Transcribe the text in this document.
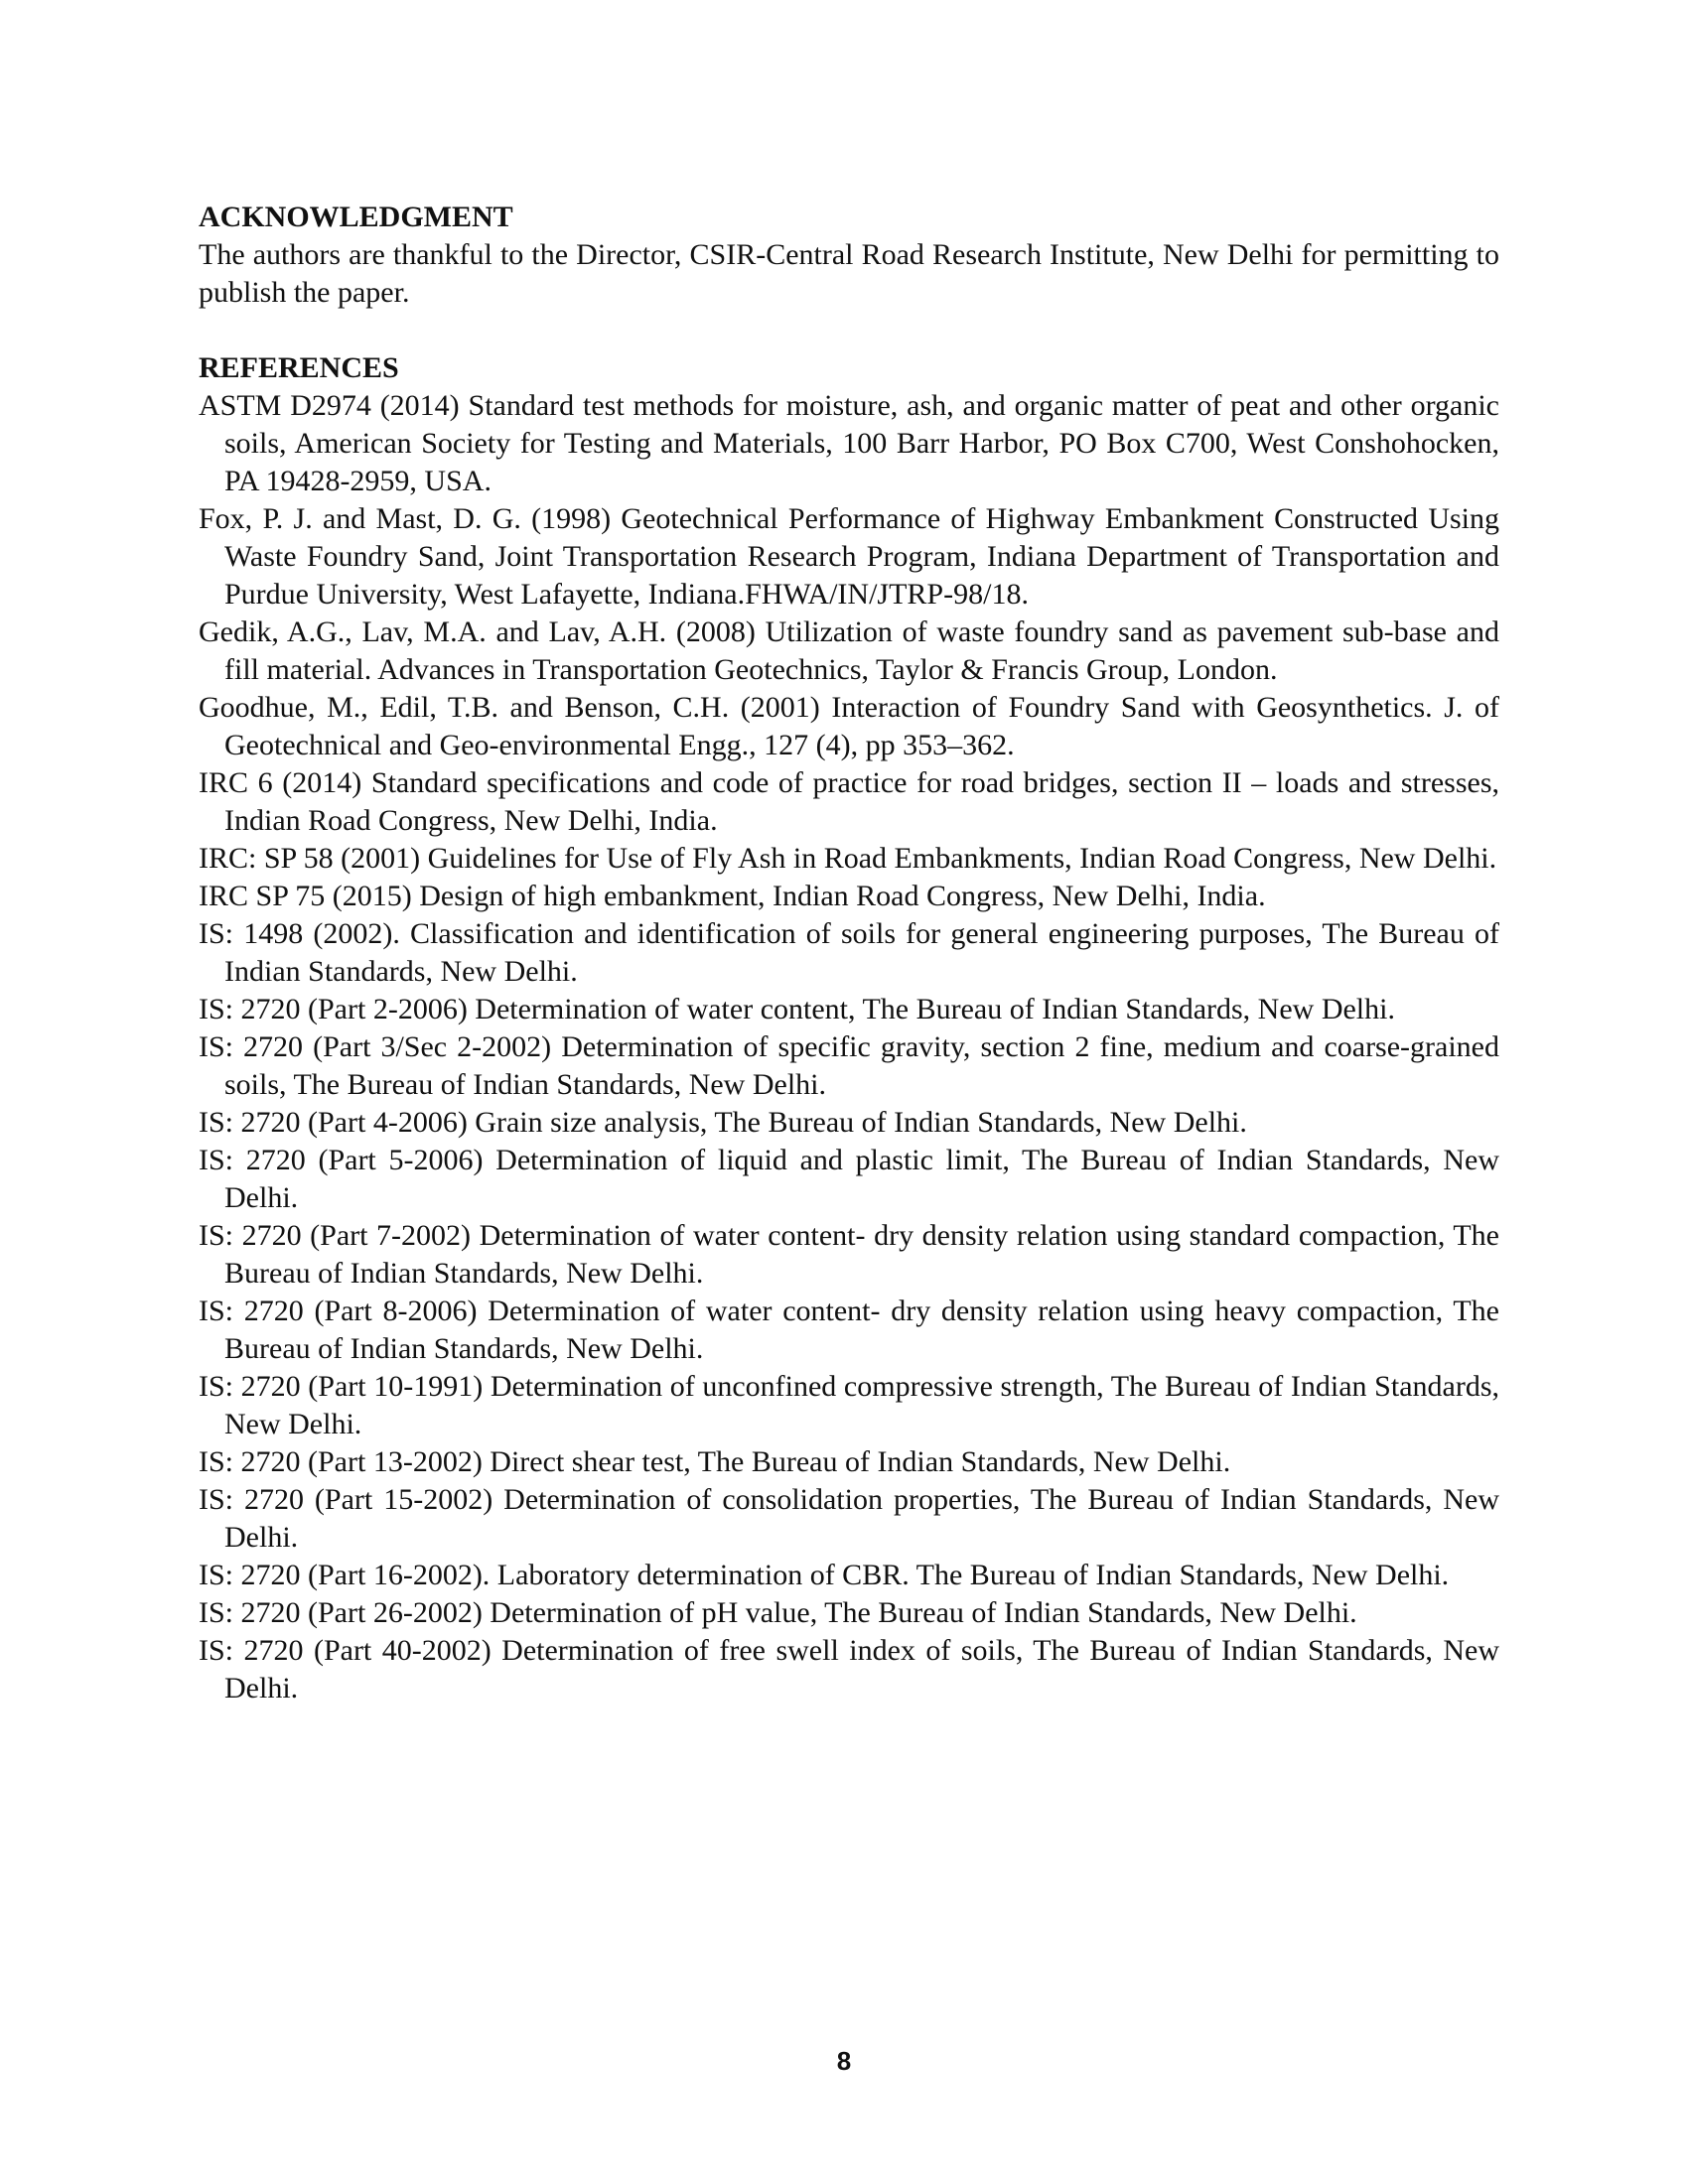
ACKNOWLEDGMENT

The authors are thankful to the Director, CSIR-Central Road Research Institute, New Delhi for permitting to publish the paper.

REFERENCES
ASTM D2974 (2014) Standard test methods for moisture, ash, and organic matter of peat and other organic soils, American Society for Testing and Materials, 100 Barr Harbor, PO Box C700, West Conshohocken, PA 19428-2959, USA.
Fox, P. J. and Mast, D. G. (1998) Geotechnical Performance of Highway Embankment Constructed Using Waste Foundry Sand, Joint Transportation Research Program, Indiana Department of Transportation and Purdue University, West Lafayette, Indiana.FHWA/IN/JTRP-98/18.
Gedik, A.G., Lav, M.A. and Lav, A.H. (2008) Utilization of waste foundry sand as pavement sub-base and fill material. Advances in Transportation Geotechnics, Taylor & Francis Group, London.
Goodhue, M., Edil, T.B. and Benson, C.H. (2001) Interaction of Foundry Sand with Geosynthetics. J. of Geotechnical and Geo-environmental Engg., 127 (4), pp 353–362.
IRC 6 (2014) Standard specifications and code of practice for road bridges, section II – loads and stresses, Indian Road Congress, New Delhi, India.
IRC: SP 58 (2001) Guidelines for Use of Fly Ash in Road Embankments, Indian Road Congress, New Delhi.
IRC SP 75 (2015) Design of high embankment, Indian Road Congress, New Delhi, India.
IS: 1498 (2002). Classification and identification of soils for general engineering purposes, The Bureau of Indian Standards, New Delhi.
IS: 2720 (Part 2-2006) Determination of water content, The Bureau of Indian Standards, New Delhi.
IS: 2720 (Part 3/Sec 2-2002) Determination of specific gravity, section 2 fine, medium and coarse-grained soils, The Bureau of Indian Standards, New Delhi.
IS: 2720 (Part 4-2006) Grain size analysis, The Bureau of Indian Standards, New Delhi.
IS: 2720 (Part 5-2006) Determination of liquid and plastic limit, The Bureau of Indian Standards, New Delhi.
IS: 2720 (Part 7-2002) Determination of water content- dry density relation using standard compaction, The Bureau of Indian Standards, New Delhi.
IS: 2720 (Part 8-2006) Determination of water content- dry density relation using heavy compaction, The Bureau of Indian Standards, New Delhi.
IS: 2720 (Part 10-1991) Determination of unconfined compressive strength, The Bureau of Indian Standards, New Delhi.
IS: 2720 (Part 13-2002) Direct shear test, The Bureau of Indian Standards, New Delhi.
IS: 2720 (Part 15-2002) Determination of consolidation properties, The Bureau of Indian Standards, New Delhi.
IS: 2720 (Part 16-2002). Laboratory determination of CBR. The Bureau of Indian Standards, New Delhi.
IS: 2720 (Part 26-2002) Determination of pH value, The Bureau of Indian Standards, New Delhi.
IS: 2720 (Part 40-2002) Determination of free swell index of soils, The Bureau of Indian Standards, New Delhi.
8
